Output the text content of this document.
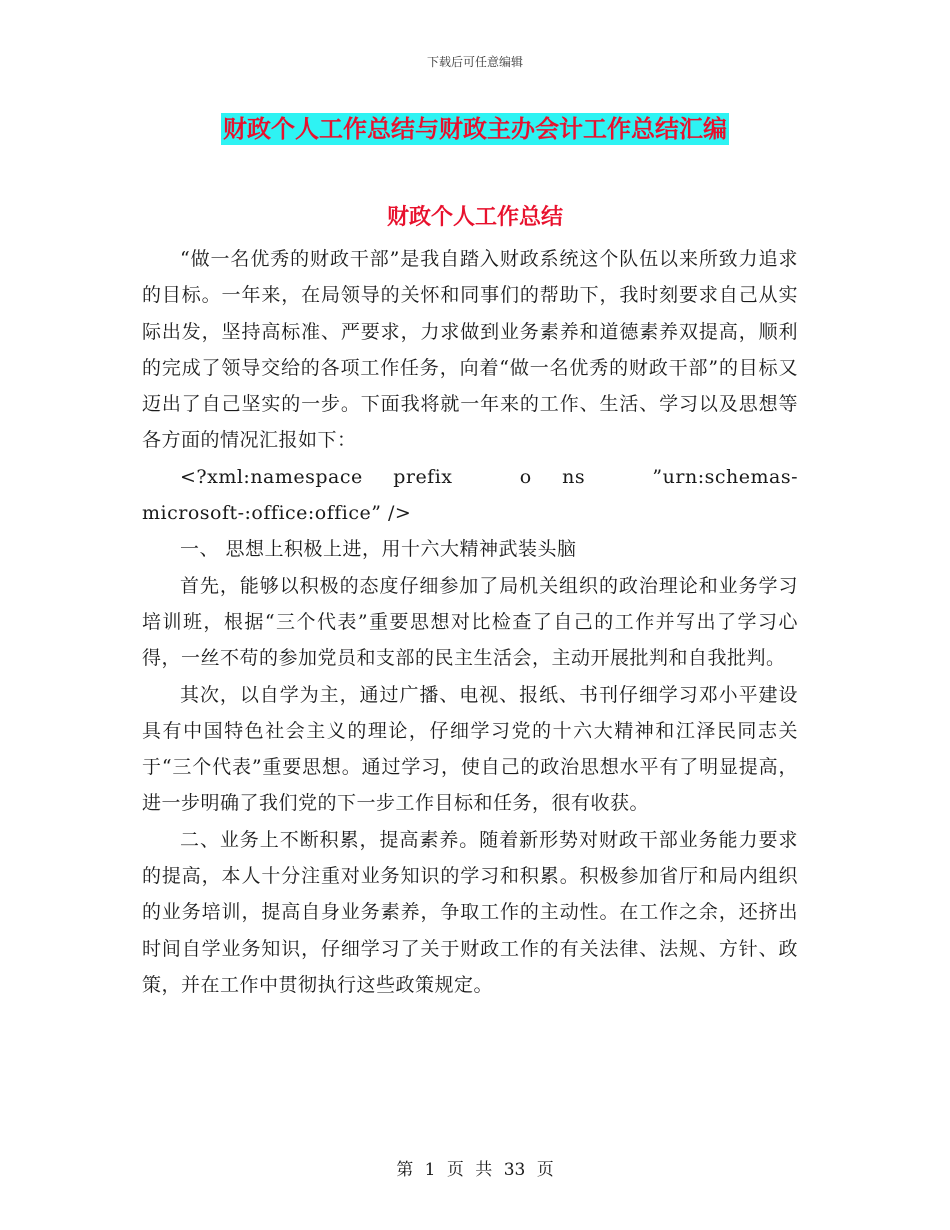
下载后可任意编辑
财政个人工作总结与财政主办会计工作总结汇编
财政个人工作总结

“做一名优秀的财政干部”是我自踏入财政系统这个队伍以来所致力追求的目标。一年来，在局领导的关怀和同事们的帮助下，我时刻要求自己从实际出发，坚持高标准、严要求，力求做到业务素养和道德素养双提高，顺利的完成了领导交给的各项工作任务，向着“做一名优秀的财政干部”的目标又迈出了自己坚实的一步。下面我将就一年来的工作、生活、学习以及思想等各方面的情况汇报如下：

<?xml:namespace prefix　o ns　”urn:schemas-microsoft-:office:office” />

一、 思想上积极上进，用十六大精神武装头脑

首先，能够以积极的态度仔细参加了局机关组织的政治理论和业务学习培训班，根据“三个代表”重要思想对比检查了自己的工作并写出了学习心得，一丝不苟的参加党员和支部的民主生活会，主动开展批判和自我批判。

其次，以自学为主，通过广播、电视、报纸、书刊仔细学习邓小平建设具有中国特色社会主义的理论，仔细学习党的十六大精神和江泽民同志关于“三个代表”重要思想。通过学习，使自己的政治思想水平有了明显提高，进一步明确了我们党的下一步工作目标和任务，很有收获。

二、业务上不断积累，提高素养。随着新形势对财政干部业务能力要求的提高，本人十分注重对业务知识的学习和积累。积极参加省厅和局内组织的业务培训，提高自身业务素养，争取工作的主动性。在工作之余，还挤出时间自学业务知识，仔细学习了关于财政工作的有关法律、法规、方针、政策，并在工作中贯彻执行这些政策规定。

第 1 页 共 33 页
